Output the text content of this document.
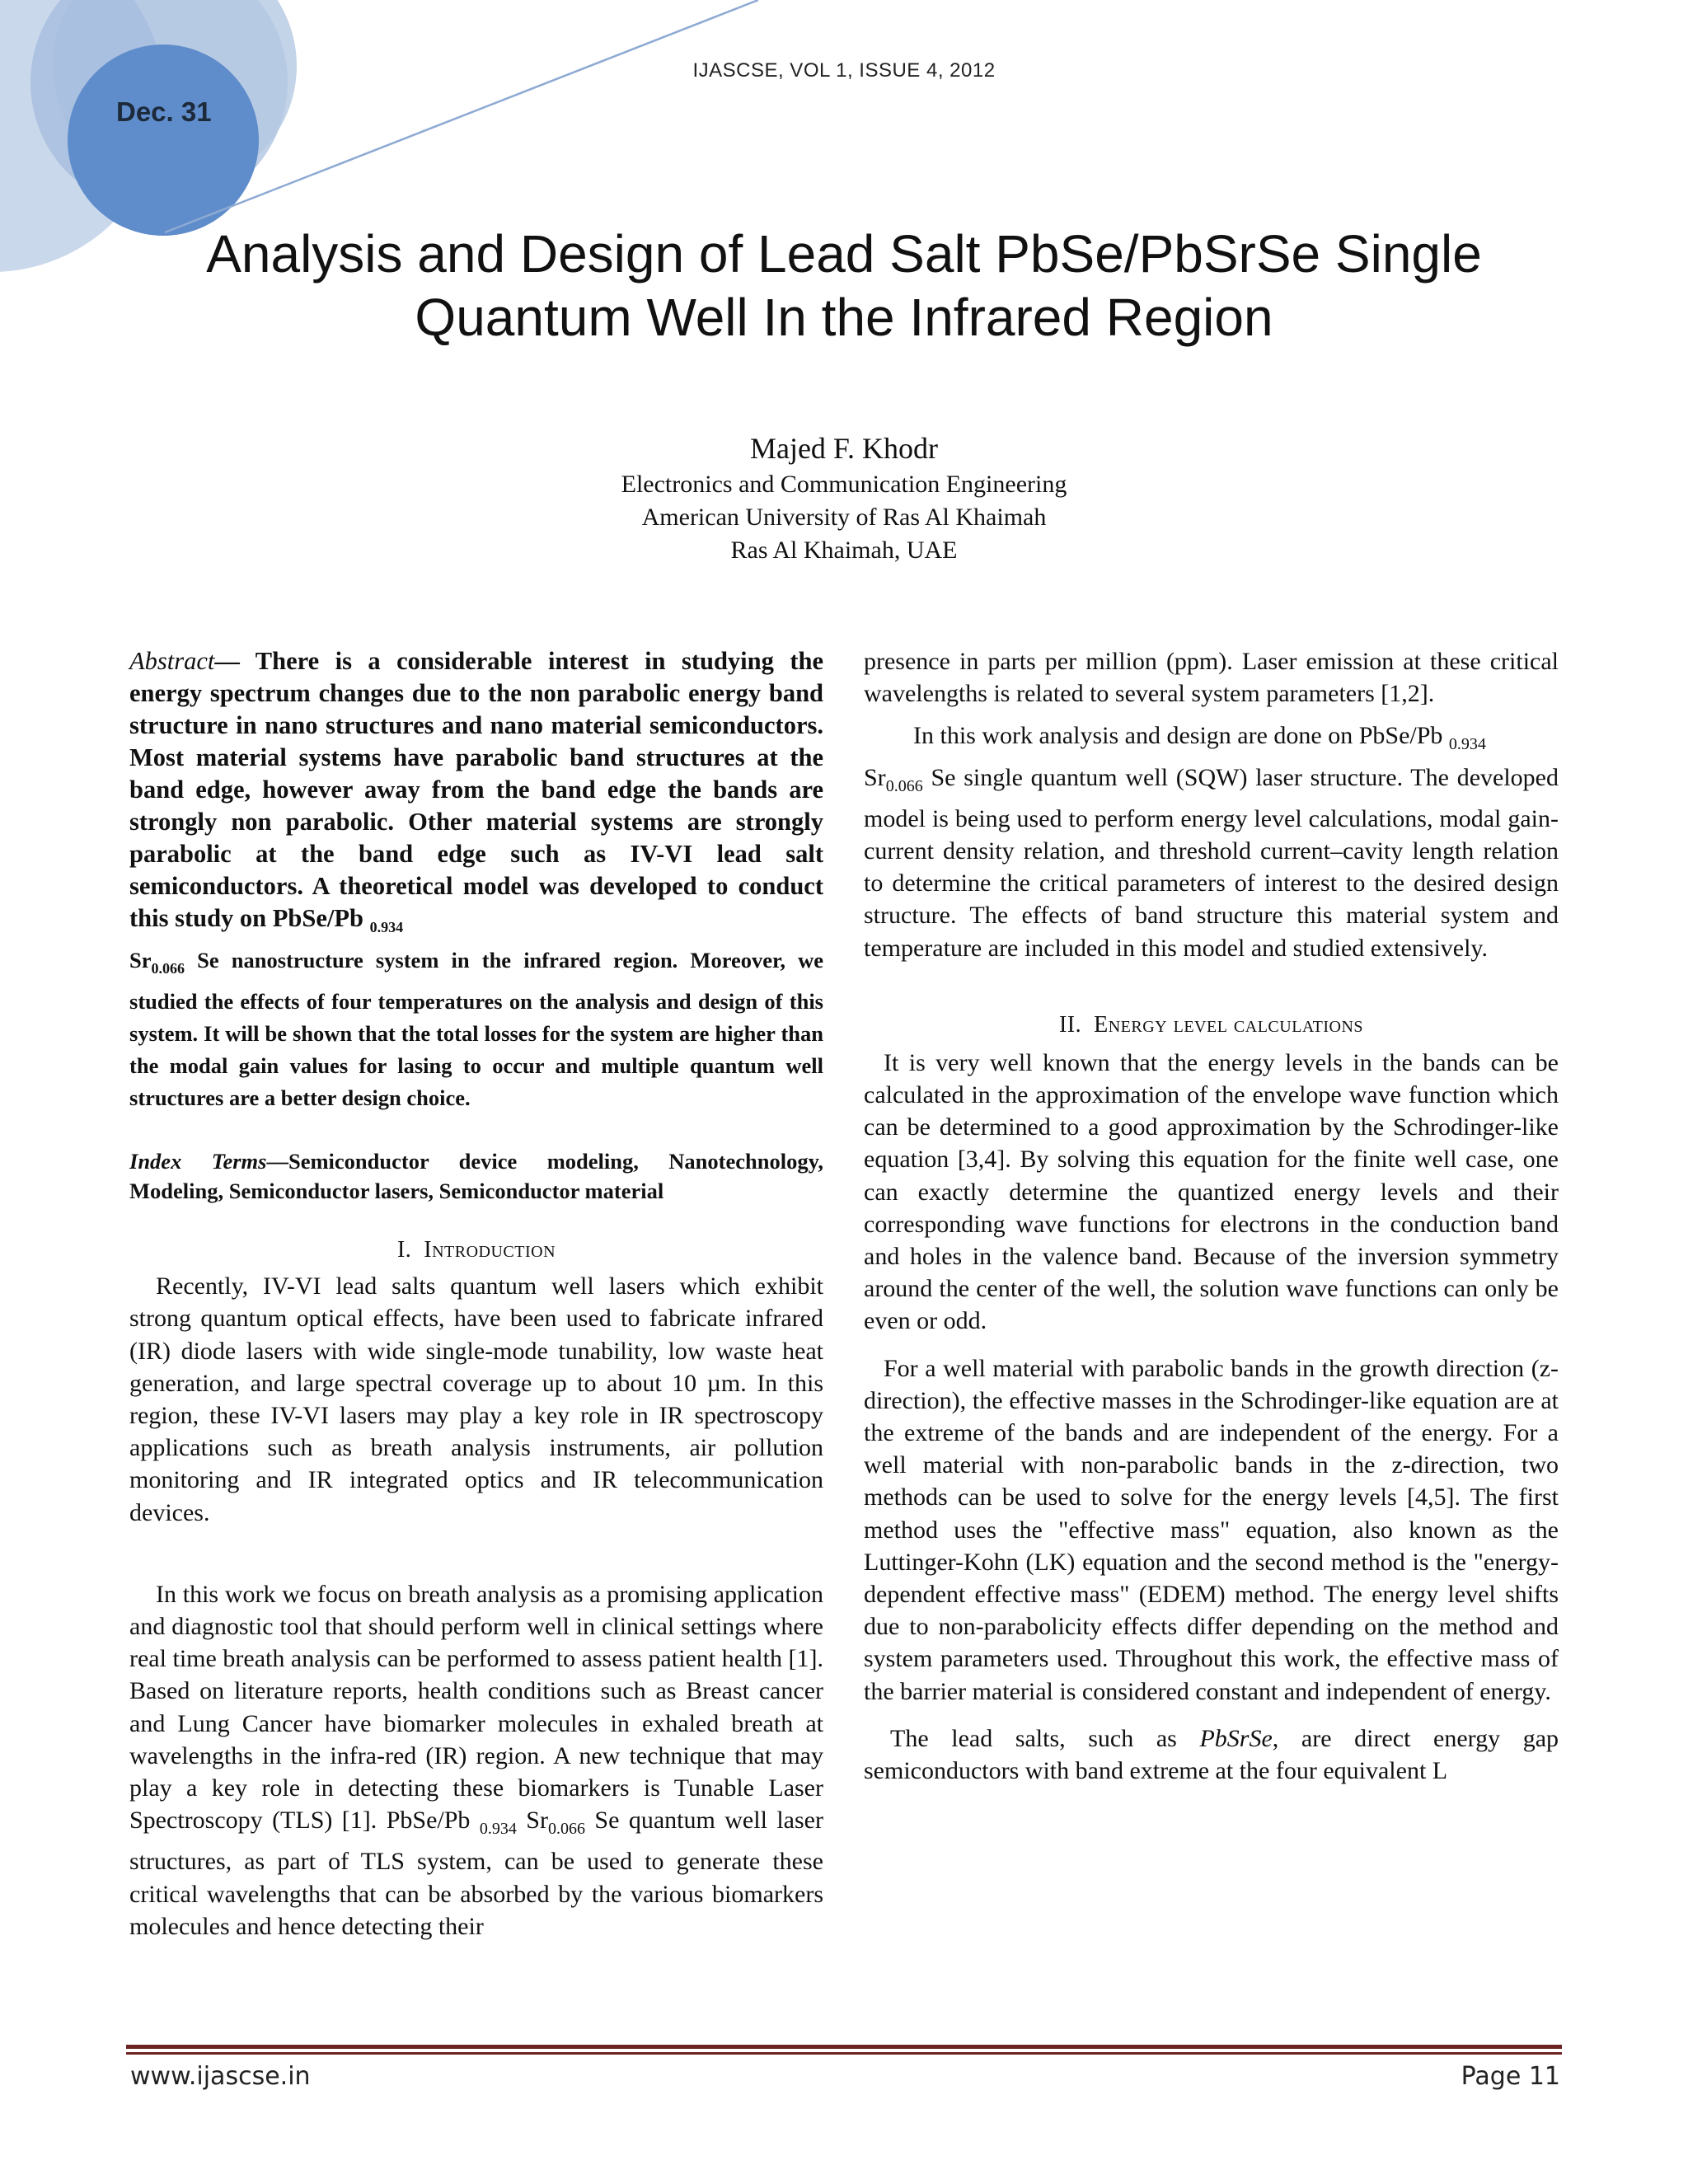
Dec. 31
IJASCSE, VOL 1, ISSUE 4, 2012
Analysis and Design of Lead Salt PbSe/PbSrSe Single
Quantum Well In the Infrared Region
Majed F. Khodr
Electronics and Communication Engineering
American University of Ras Al Khaimah
Ras Al Khaimah, UAE

Abstract— There is a considerable interest in studying the energy spectrum changes due to the non parabolic energy band structure in nano structures and nano material semiconductors. Most material systems have parabolic band structures at the band edge, however away from the band edge the bands are strongly non parabolic. Other material systems are strongly parabolic at the band edge such as IV-VI lead salt semiconductors. A theoretical model was developed to conduct this study on PbSe/Pb $_{0.934}$
$Sr_{0.066}$ Se nanostructure system in the infrared region. Moreover, we studied the effects of four temperatures on the analysis and design of this system. It will be shown that the total losses for the system are higher than the modal gain values for lasing to occur and multiple quantum well structures are a better design choice.

Index Terms—Semiconductor device modeling, Nanotechnology, Modeling, Semiconductor lasers, Semiconductor material

I. Introduction

Recently, IV-VI lead salts quantum well lasers which exhibit strong quantum optical effects, have been used to fabricate infrared (IR) diode lasers with wide single-mode tunability, low waste heat generation, and large spectral coverage up to about 10 µm. In this region, these IV-VI lasers may play a key role in IR spectroscopy applications such as breath analysis instruments, air pollution monitoring and IR integrated optics and IR telecommunication devices.

In this work we focus on breath analysis as a promising application and diagnostic tool that should perform well in clinical settings where real time breath analysis can be performed to assess patient health [1]. Based on literature reports, health conditions such as Breast cancer and Lung Cancer have biomarker molecules in exhaled breath at wavelengths in the infra-red (IR) region. A new technique that may play a key role in detecting these biomarkers is Tunable Laser Spectroscopy (TLS) [1]. PbSe/Pb $_{0.934}$ $Sr_{0.066}$ Se quantum well laser structures, as part of TLS system, can be used to generate these critical wavelengths that can be absorbed by the various biomarkers molecules and hence detecting their

presence in parts per million (ppm). Laser emission at these critical wavelengths is related to several system parameters [1,2].

In this work analysis and design are done on PbSe/Pb $_{0.934}$
$Sr_{0.066}$ Se single quantum well (SQW) laser structure. The developed model is being used to perform energy level calculations, modal gain-current density relation, and threshold current–cavity length relation to determine the critical parameters of interest to the desired design structure. The effects of band structure this material system and temperature are included in this model and studied extensively.

II. Energy level calculations

It is very well known that the energy levels in the bands can be calculated in the approximation of the envelope wave function which can be determined to a good approximation by the Schrodinger-like equation [3,4]. By solving this equation for the finite well case, one can exactly determine the quantized energy levels and their corresponding wave functions for electrons in the conduction band and holes in the valence band. Because of the inversion symmetry around the center of the well, the solution wave functions can only be even or odd.

For a well material with parabolic bands in the growth direction (z-direction), the effective masses in the Schrodinger-like equation are at the extreme of the bands and are independent of the energy. For a well material with non-parabolic bands in the z-direction, two methods can be used to solve for the energy levels [4,5]. The first method uses the "effective mass" equation, also known as the Luttinger-Kohn (LK) equation and the second method is the "energy-dependent effective mass" (EDEM) method. The energy level shifts due to non-parabolicity effects differ depending on the method and system parameters used. Throughout this work, the effective mass of the barrier material is considered constant and independent of energy.

The lead salts, such as PbSrSe, are direct energy gap semiconductors with band extreme at the four equivalent L

www.ijascse.in	Page 11
